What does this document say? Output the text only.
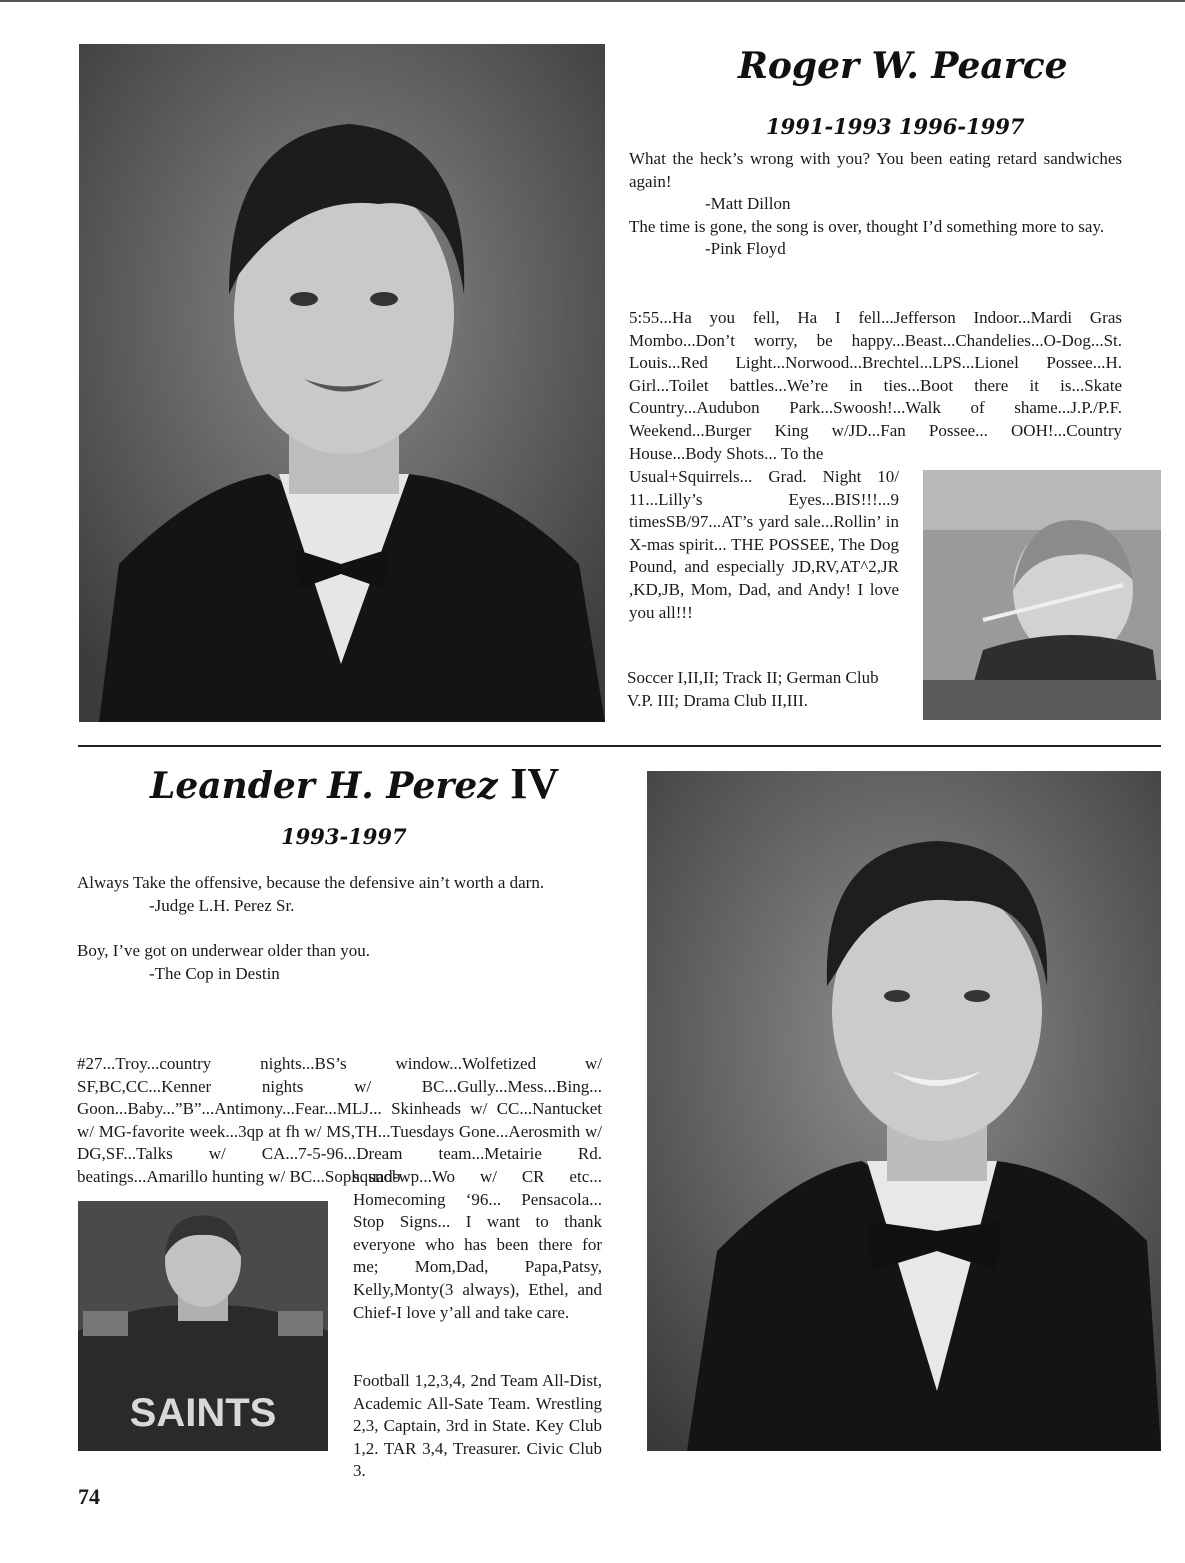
Roger W. Pearce
1991-1993 1996-1997

What the heck’s wrong with you? You been eating retard sandwiches again!

-Matt Dillon

The time is gone, the song is over, thought I’d something more to say.

-Pink Floyd

5:55...Ha you fell, Ha I fell...Jefferson Indoor...Mardi Gras Mombo...Don’t worry, be happy...Beast...Chandelies...O-Dog...St. Louis...Red Light...Norwood...Brechtel...LPS...Lionel Possee...H. Girl...Toilet battles...We’re in ties...Boot there it is...Skate Country...Audubon Park...Swoosh!...Walk of shame...J.P./P.F. Weekend...Burger King w/JD...Fan Possee... OOH!...Country House...Body Shots... To the
Usual+Squirrels... Grad. Night 10/ 11...Lilly’s Eyes...BIS!!!...9 timesSB/97...AT’s yard sale...Rollin’ in X-mas spirit... THE POSSEE, The Dog Pound, and especially JD,RV,AT^2,JR ,KD,JB, Mom, Dad, and Andy! I love you all!!!
Soccer I,II,II; Track II; German Club V.P. III; Drama Club II,III.
Leander H. Perez IV
1993-1997

Always Take the offensive, because the defensive ain’t worth a darn.

-Judge L.H. Perez Sr.

Boy, I’ve got on underwear older than you.

-The Cop in Destin

#27...Troy...country nights...BS’s window...Wolfetized w/ SF,BC,CC...Kenner nights w/ BC...Gully...Mess...Bing... Goon...Baby...”B”...Antimony...Fear...MLJ... Skinheads w/ CC...Nantucket w/ MG-favorite week...3qp at fh w/ MS,TH...Tuesdays Gone...Aerosmith w/ DG,SF...Talks w/ CA...7-5-96...Dream team...Metairie Rd. beatings...Amarillo hunting w/ BC...Soph. snob
squad-wp...Wo w/ CR etc... Homecoming ‘96... Pensacola... Stop Signs... I want to thank everyone who has been there for me; Mom,Dad, Papa,Patsy, Kelly,Monty(3 always), Ethel, and Chief-I love y’all and take care.
Football 1,2,3,4, 2nd Team All-Dist, Academic All-Sate Team. Wrestling 2,3, Captain, 3rd in State. Key Club 1,2. TAR 3,4, Treasurer. Civic Club 3.
SAINTS
74
